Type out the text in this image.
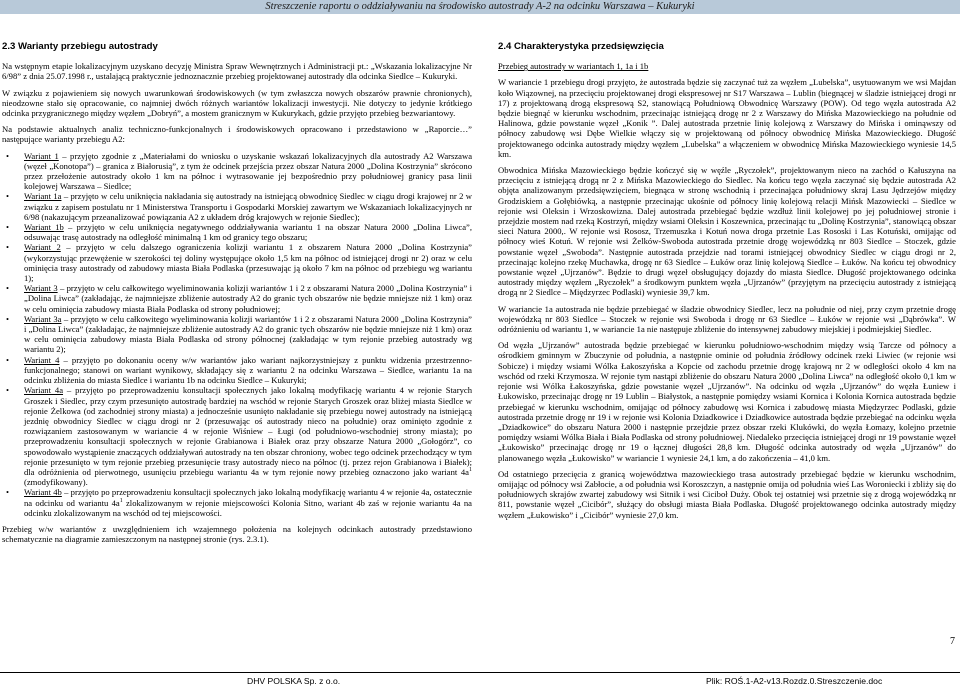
Streszczenie raportu o oddziaływaniu na środowisko autostrady A-2 na odcinku Warszawa – Kukuryki
2.3 Warianty przebiegu autostrady

Na wstępnym etapie lokalizacyjnym uzyskano decyzję Ministra Spraw Wewnętrznych i Administracji pt.: „Wskazania lokalizacyjne Nr 6/98” z dnia 25.07.1998 r., ustalającą praktycznie jednoznacznie przebieg projektowanej autostrady dla odcinka Siedlce – Kukuryki.

W związku z pojawieniem się nowych uwarunkowań środowiskowych (w tym zwłaszcza nowych obszarów prawnie chronionych), nieodzowne stało się opracowanie, co najmniej dwóch różnych wariantów lokalizacji inwestycji. Nie dotyczy to jedynie krótkiego odcinka przygranicznego między węzłem „Dobryń”, a mostem granicznym w Kukurykach, gdzie przyjęto przebieg bezwariantowy.

Na podstawie aktualnych analiz techniczno-funkcjonalnych i środowiskowych opracowano i przedstawiono w „Raporcie…” następujące warianty przebiegu A2:

• Wariant 1 – przyjęto zgodnie z „Materiałami do wniosku o uzyskanie wskazań lokalizacyjnych dla autostrady A2 Warszawa (węzeł „Konotopa”) – granica z Białorusią”, z tym że odcinek przejścia przez obszar Natura 2000 „Dolina Kostrzynia” skrócono przez przełożenie autostrady około 1 km na północ i wytrasowanie jej bezpośrednio przy południowej granicy pasa linii kolejowej Warszawa – Siedlce;
• Wariant 1a – przyjęto w celu uniknięcia nakładania się autostrady na istniejącą obwodnicę Siedlec w ciągu drogi krajowej nr 2 w związku z zapisem postulatu nr 1 Ministerstwa Transportu i Gospodarki Morskiej zawartym we Wskazaniach lokalizacyjnych nr 6/98 (nakazującym przeanalizować powiązania A2 z układem dróg krajowych w rejonie Siedlec);
• Wariant 1b – przyjęto w celu uniknięcia negatywnego oddziaływania wariantu 1 na obszar Natura 2000 „Dolina Liwca”, odsuwając trasę autostrady na odległość minimalną 1 km od granicy tego obszaru;
• Wariant 2 – przyjęto w celu dalszego ograniczenia kolizji wariantu 1 z obszarem Natura 2000 „Dolina Kostrzynia” (wykorzystując przewężenie w szerokości tej doliny występujące około 1,5 km na północ od istniejącej drogi nr 2) oraz w celu ominięcia trasy autostrady od zabudowy miasta Biała Podlaska (przesuwając ją około 7 km na północ od przebiegu wg wariantu 1);
• Wariant 3 – przyjęto w celu całkowitego wyeliminowania kolizji wariantów 1 i 2 z obszarami Natura 2000 „Dolina Kostrzynia” i „Dolina Liwca” (zakładając, że najmniejsze zbliżenie autostrady A2 do granic tych obszarów nie będzie mniejsze niż 1 km) oraz w celu ominięcia zabudowy miasta Biała Podlaska od strony południowej;
• Wariant 3a – przyjęto w celu całkowitego wyeliminowania kolizji wariantów 1 i 2 z obszarami Natura 2000 „Dolina Kostrzynia” i „Dolina Liwca” (zakładając, że najmniejsze zbliżenie autostrady A2 do granic tych obszarów nie będzie mniejsze niż 1 km) oraz w celu ominięcia zabudowy miasta Biała Podlaska od strony północnej (zakładając w tym rejonie przebieg autostrady wg wariantu 2);
• Wariant 4 – przyjęto po dokonaniu oceny w/w wariantów jako wariant najkorzystniejszy z punktu widzenia przestrzenno-funkcjonalnego; stanowi on wariant wynikowy, składający się z wariantu 2 na odcinku Warszawa – Siedlce, wariantu 1a na odcinku zbliżenia do miasta Siedlce i wariantu 1b na odcinku Siedlce – Kukuryki;
• Wariant 4a – przyjęto po przeprowadzeniu konsultacji społecznych jako lokalną modyfikację wariantu 4 w rejonie Starych Groszek i Siedlec, przy czym przesunięto autostradę bardziej na wschód w rejonie Starych Groszek oraz bliżej miasta Siedlce w rejonie Żelkowa (od zachodniej strony miasta) a jednocześnie usunięto nakładanie się przebiegu nowej autostrady na istniejącą jezdnię obwodnicy Siedlec w ciągu drogi nr 2 (przesuwając oś autostrady nieco na południe) oraz ominięto zgodnie z rozwiązaniem zastosowanym w wariancie 4 w rejonie Wiśniew – Ługi (od południowo-wschodniej strony miasta); po przeprowadzeniu konsultacji społecznych w rejonie Grabianowa i Białek oraz przy obszarze Natura 2000 „Gołogórz”, co spowodowało wystąpienie znaczących oddziaływań autostrady na ten obszar chroniony, wobec tego odcinek przechodzący w tym rejonie przesunięto w tym rejonie przebieg przesunięcie trasy autostrady nieco na północ (tj. przez rejon Grabianowa i Białek); dla odróżnienia od pierwotnego, usunięciu przebiegu wariantu 4a w tym rejonie nowy przebieg oznaczono jako wariant $4a^1$ (zmodyfikowany).
• Wariant 4b – przyjęto po przeprowadzeniu konsultacji społecznych jako lokalną modyfikację wariantu 4 w rejonie 4a, ostatecznie na odcinku od wariantu $4a^1$ zlokalizowanym w rejonie miejscowości Kolonia Sitno, wariant 4b zaś w rejonie wariantu 4a na odcinku zlokalizowanym na wschód od tej miejscowości.

Przebieg w/w wariantów z uwzględnieniem ich wzajemnego położenia na kolejnych odcinkach autostrady przedstawiono schematycznie na diagramie zamieszczonym na następnej stronie (rys. 2.3.1).

2.4 Charakterystyka przedsięwzięcia

Przebieg autostrady w wariantach 1, 1a i 1b

W wariancie 1 przebiegu drogi przyjęto, że autostrada będzie się zaczynać tuż za węzłem „Lubelska”, usytuowanym we wsi Majdan koło Wiązownej, na przecięciu projektowanej drogi ekspresowej nr S17 Warszawa – Lublin (biegnącej w śladzie istniejącej drogi nr 17) z projektowaną drogą ekspresową S2, stanowiącą Południową Obwodnicę Warszawy (POW). Od tego węzła autostrada A2 będzie biegnąć w kierunku wschodnim, przecinając istniejącą drogę nr 2 z Warszawy do Mińska Mazowieckiego na południe od Halinowa, gdzie powstanie węzeł „Konik ”. Dalej autostrada przetnie linię kolejową z Warszawy do Mińska i ominąwszy od północy zabudowę wsi Dębe Wielkie włączy się w projektowaną od północy obwodnicę Mińska Mazowieckiego. Długość projektowanego odcinka autostrady między węzłem „Lubelska” a włączeniem w obwodnicę Mińska Mazowieckiego wyniesie 14,5 km.

Obwodnica Mińska Mazowieckiego będzie kończyć się w węźle „Ryczołek”, projektowanym nieco na zachód o Kałuszyna na przecięciu z istniejącą drogą nr 2 z Mińska Mazowieckiego do Siedlec. Na końcu tego węzła zaczynać się będzie autostrada A2 objęta analizowanym przedsięwzięciem, biegnąca w stronę wschodnią i przecinająca południowy skraj Lasu Jędrzejów między Grodziskiem a Gołębiówką, a następnie przecinając ukośnie od północy linię kolejową relacji Mińsk Mazowiecki – Siedlce w rejonie wsi Oleksin i Wrzoskowizna. Dalej autostrada przebiegać będzie wzdłuż linii kolejowej po jej południowej stronie i przejdzie mostem nad rzeką Kostrzyń, między wsiami Oleksin i Koszewnica, przecinając tu „Dolinę Kostrzynia”, stanowiącą obszar sieci Natura 2000,. W rejonie wsi Rososz, Trzemuszka i Kotuń nowa droga przetnie Las Rososki i Las Kotuński, omijając od północy wieś Kotuń. W rejonie wsi Żelków-Swoboda autostrada przetnie drogę wojewódzką nr 803 Siedlce – Stoczek, gdzie powstanie węzeł „Swoboda”. Następnie autostrada przejdzie nad torami istniejącej obwodnicy Siedlec w ciągu drogi nr 2, przecinając kolejno rzekę Muchawka, drogę nr 63 Siedlce – Łuków oraz linię kolejową Siedlce – Łuków. Na końcu tej obwodnicy powstanie węzeł „Ujrzanów”. Będzie to drugi węzeł obsługujący dojazdy do miasta Siedlce. Długość projektowanego odcinka autostrady między węzłem „Ryczołek” a środkowym punktem węzła „Ujrzanów” (przyjętym na przecięciu autostrady z istniejącą drogą nr 2 Siedlce – Międzyrzec Podlaski) wyniesie 39,7 km.

W wariancie 1a autostrada nie będzie przebiegać w śladzie obwodnicy Siedlec, lecz na południe od niej, przy czym przetnie drogę wojewódzką nr 803 Siedlce – Stoczek w rejonie wsi Swoboda i drogę nr 63 Siedlce – Łuków w rejonie wsi „Dąbrówka”. W odróżnieniu od wariantu 1, w wariancie 1a nie następuje zbliżenie do intensywnej zabudowy miejskiej i podmiejskiej Siedlec.

Od węzła „Ujrzanów” autostrada będzie przebiegać w kierunku południowo-wschodnim między wsią Tarcze od północy a ośrodkiem gminnym w Zbuczynie od południa, a następnie ominie od południa źródłowy odcinek rzeki Liwiec (w rejonie wsi Sobicze) i między wsiami Wólka Łakoszyńska a Kopcie od zachodu przetnie drogę krajową nr 2 w odległości około 4 km na wschód od rzeki Krzymosza. W rejonie tym nastąpi zbliżenie do obszaru Natura 2000 „Dolina Liwca” na odległość około 0,1 km w rejonie wsi Wólka Łakoszyńska, gdzie powstanie węzeł „Ujrzanów”. Na odcinku od węzła „Ujrzanów” do węzła Łuniew i Łukowisko, przecinając drogę nr 19 Lublin – Białystok, a następnie pomiędzy wsiami Kornica i Kolonia Kornica autostrada będzie przebiegać w kierunku wschodnim, omijając od północy zabudowę wsi Kornica i zabudowę miasta Międzyrzec Podlaski, gdzie autostrada przetnie drogę nr 19 i w rejonie wsi Kolonia Dziadkowice i Dziadkowice autostrada będzie przebiegać na odcinku węzła „Dziadkowice” do obszaru Natura 2000 i następnie przejdzie przez obszar rzeki Klukówki, do węzła Łomazy, kolejno przetnie pomiędzy wsiami Wólka Biała i Biała Podlaska od strony południowej. Niedaleko przecięcia istniejącej drogi nr 19 powstanie węzeł „Łukowisko” przecinając drogę nr 19 o łącznej długości 28,8 km. Długość odcinka autostrady od węzła „Ujrzanów” do planowanego węzła „Łukowisko” w wariancie 1 wyniesie 24,1 km, a do zakończenia – 41,0 km.

Od ostatniego przecięcia z granicą województwa mazowieckiego trasa autostrady przebiegać będzie w kierunku wschodnim, omijając od północy wsi Zabłocie, a od południa wsi Koroszczyn, a następnie omija od południa wieś Las Woroniecki i zbliży się do południowych skrajów zwartej zabudowy wsi Sitnik i wsi Ciciboł Duży. Obok tej ostatniej wsi przetnie się z drogą wojewódzką nr 811, powstanie węzeł „Cicibór”, służący do obsługi miasta Biała Podlaska. Długość projektowanego odcinka autostrady między węzłem „Łukowisko” i „Cicibór” wyniesie 27,0 km.

7
DHV POLSKA Sp. z o.o.	Plik: ROŚ.1-A2-v13.Rozdz.0.Streszczenie.doc
